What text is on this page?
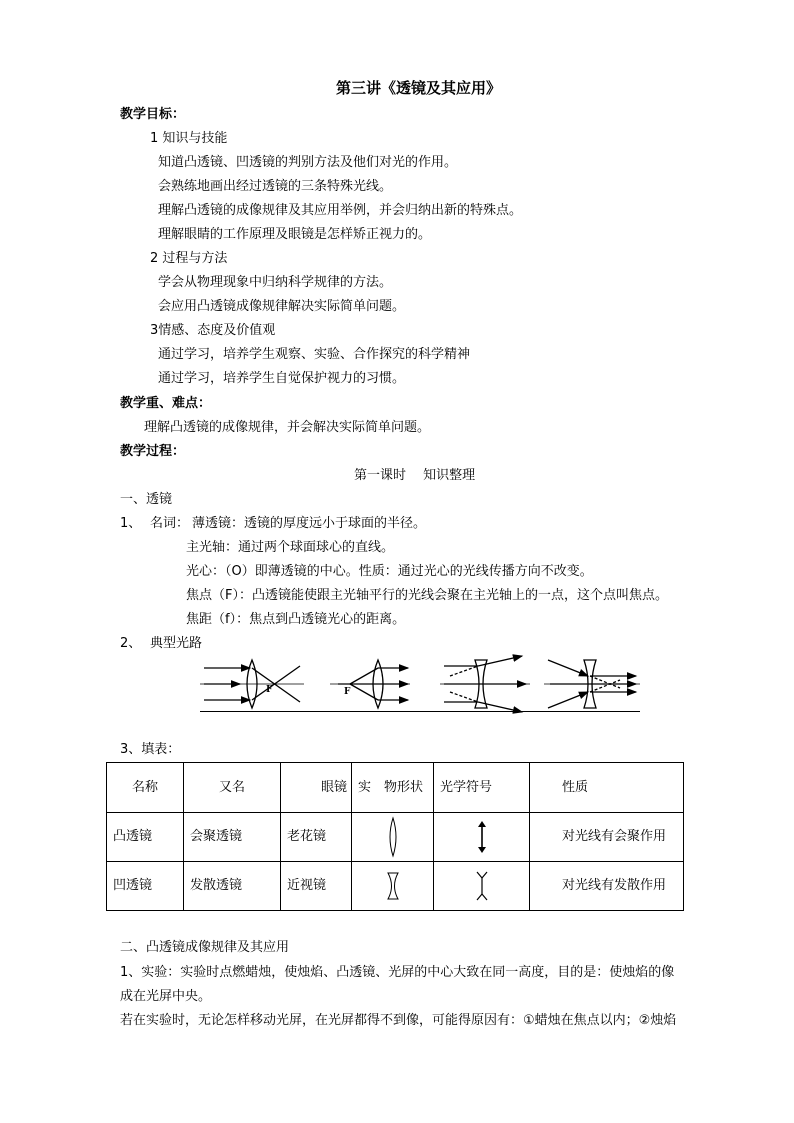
第三讲《透镜及其应用》
教学目标：
1 知识与技能
知道凸透镜、凹透镜的判别方法及他们对光的作用。
会熟练地画出经过透镜的三条特殊光线。
理解凸透镜的成像规律及其应用举例，并会归纳出新的特殊点。
理解眼睛的工作原理及眼镜是怎样矫正视力的。
2 过程与方法
学会从物理现象中归纳科学规律的方法。
会应用凸透镜成像规律解决实际简单问题。
3情感、态度及价值观
通过学习，培养学生观察、实验、合作探究的科学精神
通过学习，培养学生自觉保护视力的习惯。
教学重、难点：
理解凸透镜的成像规律，并会解决实际简单问题。
教学过程：
第一课时　 知识整理
一、透镜
1、 名词： 薄透镜：透镜的厚度远小于球面的半径。
主光轴：通过两个球面球心的直线。
光心：（O）即薄透镜的中心。性质：通过光心的光线传播方向不改变。
焦点（F）：凸透镜能使跟主光轴平行的光线会聚在主光轴上的一点，这个点叫焦点。
焦距（f）：焦点到凸透镜光心的距离。
2、 典型光路
F	F
3、填表：
名称	又名	眼镜	实　物形状	光学符号	性质
凸透镜	会聚透镜	老花镜			对光线有会聚作用
凹透镜	发散透镜	近视镜			对光线有发散作用
二、凸透镜成像规律及其应用
1、实验：实验时点燃蜡烛，使烛焰、凸透镜、光屏的中心大致在同一高度，目的是：使烛焰的像
成在光屏中央。
若在实验时，无论怎样移动光屏，在光屏都得不到像，可能得原因有：①蜡烛在焦点以内；②烛焰
